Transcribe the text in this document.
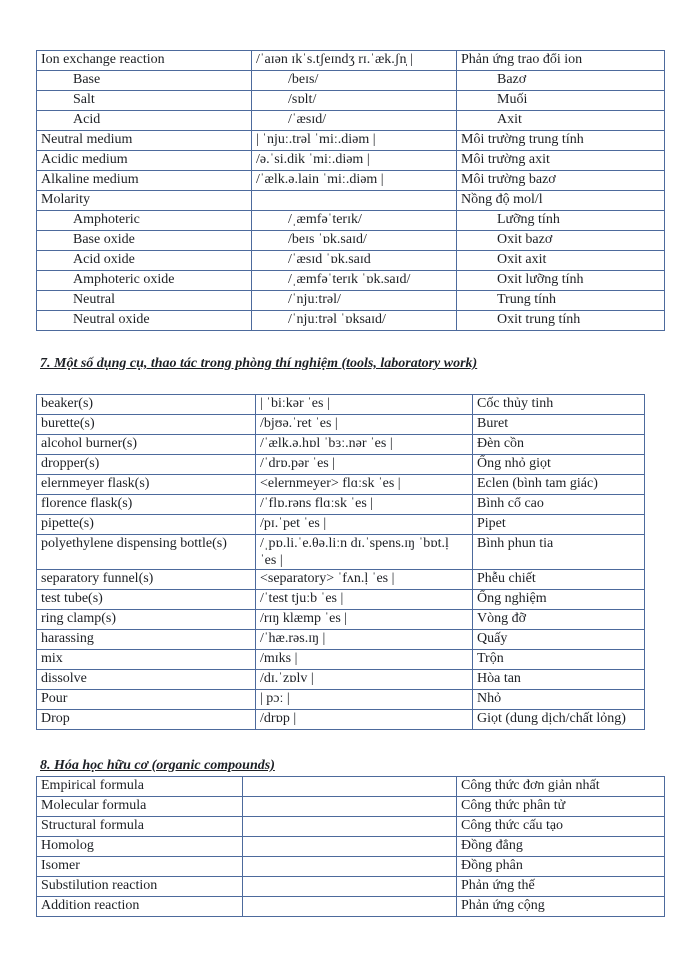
Ion exchange reaction	/ˈaɪən ɪkˈs.tʃeɪndʒ rɪ.ˈæk.ʃn̩ |	Phản ứng trao đổi ion
Base	/beɪs/	Bazơ
Salt	/sɒlt/	Muối
Acid	/ˈæsɪd/	Axit
Neutral medium	| ˈnjuː.trəl ˈmiː.diəm |	Môi trường trung tính
Acidic medium	/ə.ˈsi.dik ˈmiː.diəm |	Môi trường axit
Alkaline medium	/ˈælk.ə.lain ˈmiː.diəm |	Môi trường bazơ
Molarity		Nồng độ mol/l
Amphoteric	/ˌæmfəˈterɪk/	Lưỡng tính
Base oxide	/beɪs ˈɒk.saɪd/	Oxit bazơ
Acid oxide	/ˈæsɪd ˈɒk.saɪd	Oxit axit
Amphoteric oxide	/ˌæmfəˈterɪk ˈɒk.saɪd/	Oxit lưỡng tính
Neutral	/ˈnjuːtrəl/	Trung tính
Neutral oxide	/ˈnjuːtrəl ˈɒksaɪd/	Oxit trung tính
7. Một số dụng cụ, thao tác trong phòng thí nghiệm (tools, laboratory work)
beaker(s)	| ˈbiːkər ˈes |	Cốc thủy tinh
burette(s)	/bjʊə.ˈret ˈes |	Buret
alcohol burner(s)	/ˈælk.ə.hɒl ˈbɜː.nər ˈes |	Đèn cồn
dropper(s)	/ˈdrɒ.pər ˈes |	Ống nhỏ giọt
elernmeyer flask(s)	<elernmeyer> flɑːsk ˈes |	Eclen (bình tam giác)
florence flask(s)	/ˈflɒ.rəns flɑːsk ˈes |	Bình cổ cao
pipette(s)	/pɪ.ˈpet ˈes |	Pipet
polyethylene dispensing bottle(s)	/ˌpɒ.li.ˈe.θə.liːn dɪ.ˈspens.ɪŋ ˈbɒt.ḷ ˈes |	Bình phun tia
separatory funnel(s)	<separatory> ˈfʌn.ḷ ˈes |	Phễu chiết
test tube(s)	/ˈtest tjuːb ˈes |	Ống nghiệm
ring clamp(s)	/rɪŋ klæmp ˈes |	Vòng đỡ
harassing	/ˈhæ.rəs.ɪŋ |	Quấy
mix	/mɪks |	Trộn
dissolve	/dɪ.ˈzɒlv |	Hòa tan
Pour	| pɔː |	Nhỏ
Drop	/drɒp |	Giọt (dung dịch/chất lỏng)
8. Hóa học hữu cơ (organic compounds)
Empirical formula		Công thức đơn giản nhất
Molecular formula		Công thức phân tử
Structural formula		Công thức cấu tạo
Homolog		Đồng đẳng
Isomer		Đồng phân
Substilution reaction		Phản ứng thế
Addition reaction		Phản ứng cộng
